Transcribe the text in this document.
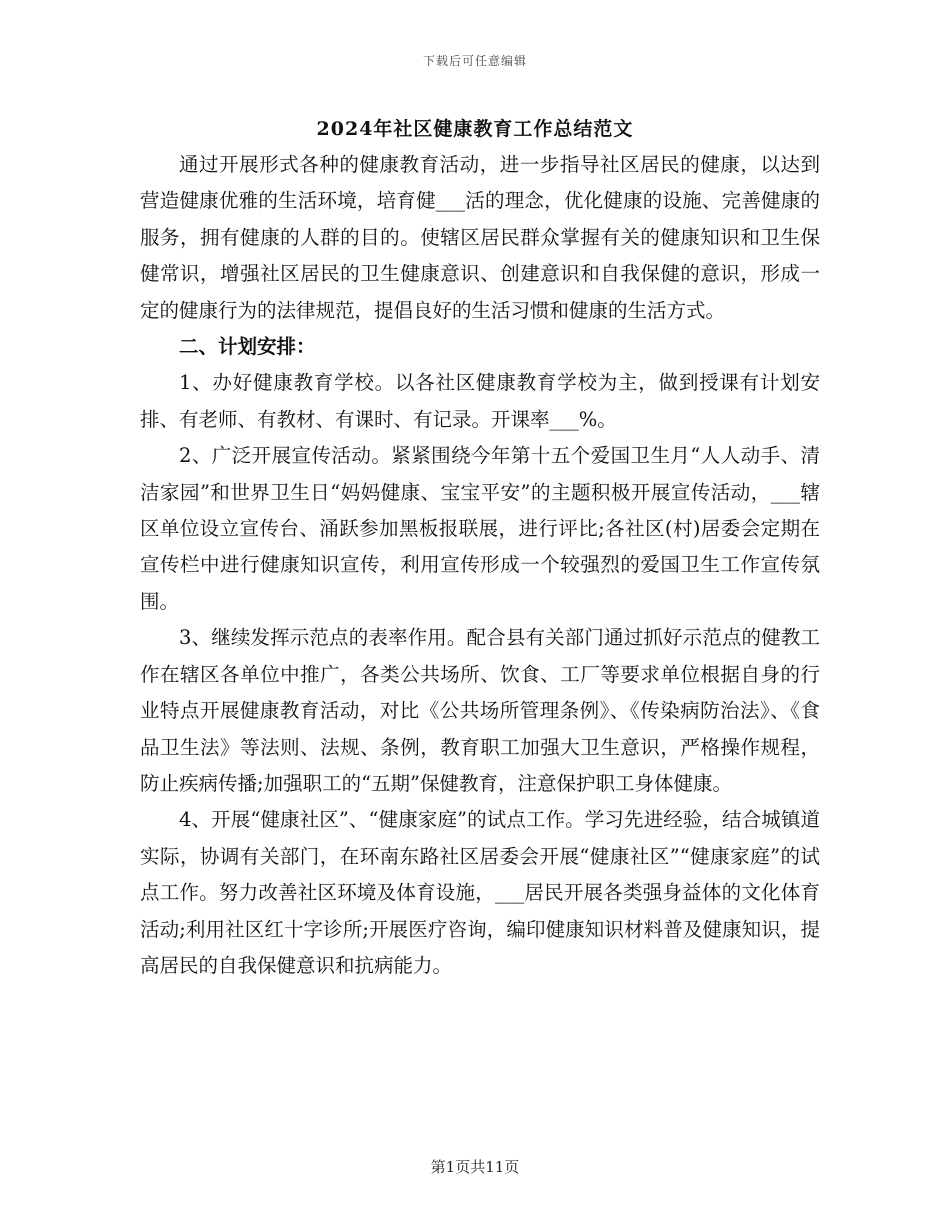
下载后可任意编辑
2024年社区健康教育工作总结范文

通过开展形式各种的健康教育活动，进一步指导社区居民的健康，以达到营造健康优雅的生活环境，培育健___活的理念，优化健康的设施、完善健康的服务，拥有健康的人群的目的。使辖区居民群众掌握有关的健康知识和卫生保健常识，增强社区居民的卫生健康意识、创建意识和自我保健的意识，形成一定的健康行为的法律规范，提倡良好的生活习惯和健康的生活方式。

二、计划安排：

1、办好健康教育学校。以各社区健康教育学校为主，做到授课有计划安排、有老师、有教材、有课时、有记录。开课率___%。

2、广泛开展宣传活动。紧紧围绕今年第十五个爱国卫生月“人人动手、清洁家园”和世界卫生日“妈妈健康、宝宝平安”的主题积极开展宣传活动，___辖区单位设立宣传台、涌跃参加黑板报联展，进行评比;各社区(村)居委会定期在宣传栏中进行健康知识宣传，利用宣传形成一个较强烈的爱国卫生工作宣传氛围。

3、继续发挥示范点的表率作用。配合县有关部门通过抓好示范点的健教工作在辖区各单位中推广，各类公共场所、饮食、工厂等要求单位根据自身的行业特点开展健康教育活动，对比《公共场所管理条例》、《传染病防治法》、《食品卫生法》等法则、法规、条例，教育职工加强大卫生意识，严格操作规程，防止疾病传播;加强职工的“五期”保健教育，注意保护职工身体健康。

4、开展“健康社区”、“健康家庭”的试点工作。学习先进经验，结合城镇道实际，协调有关部门，在环南东路社区居委会开展“健康社区”“健康家庭”的试点工作。努力改善社区环境及体育设施，___居民开展各类强身益体的文化体育活动;利用社区红十字诊所;开展医疗咨询，编印健康知识材料普及健康知识，提高居民的自我保健意识和抗病能力。

第1页共11页
